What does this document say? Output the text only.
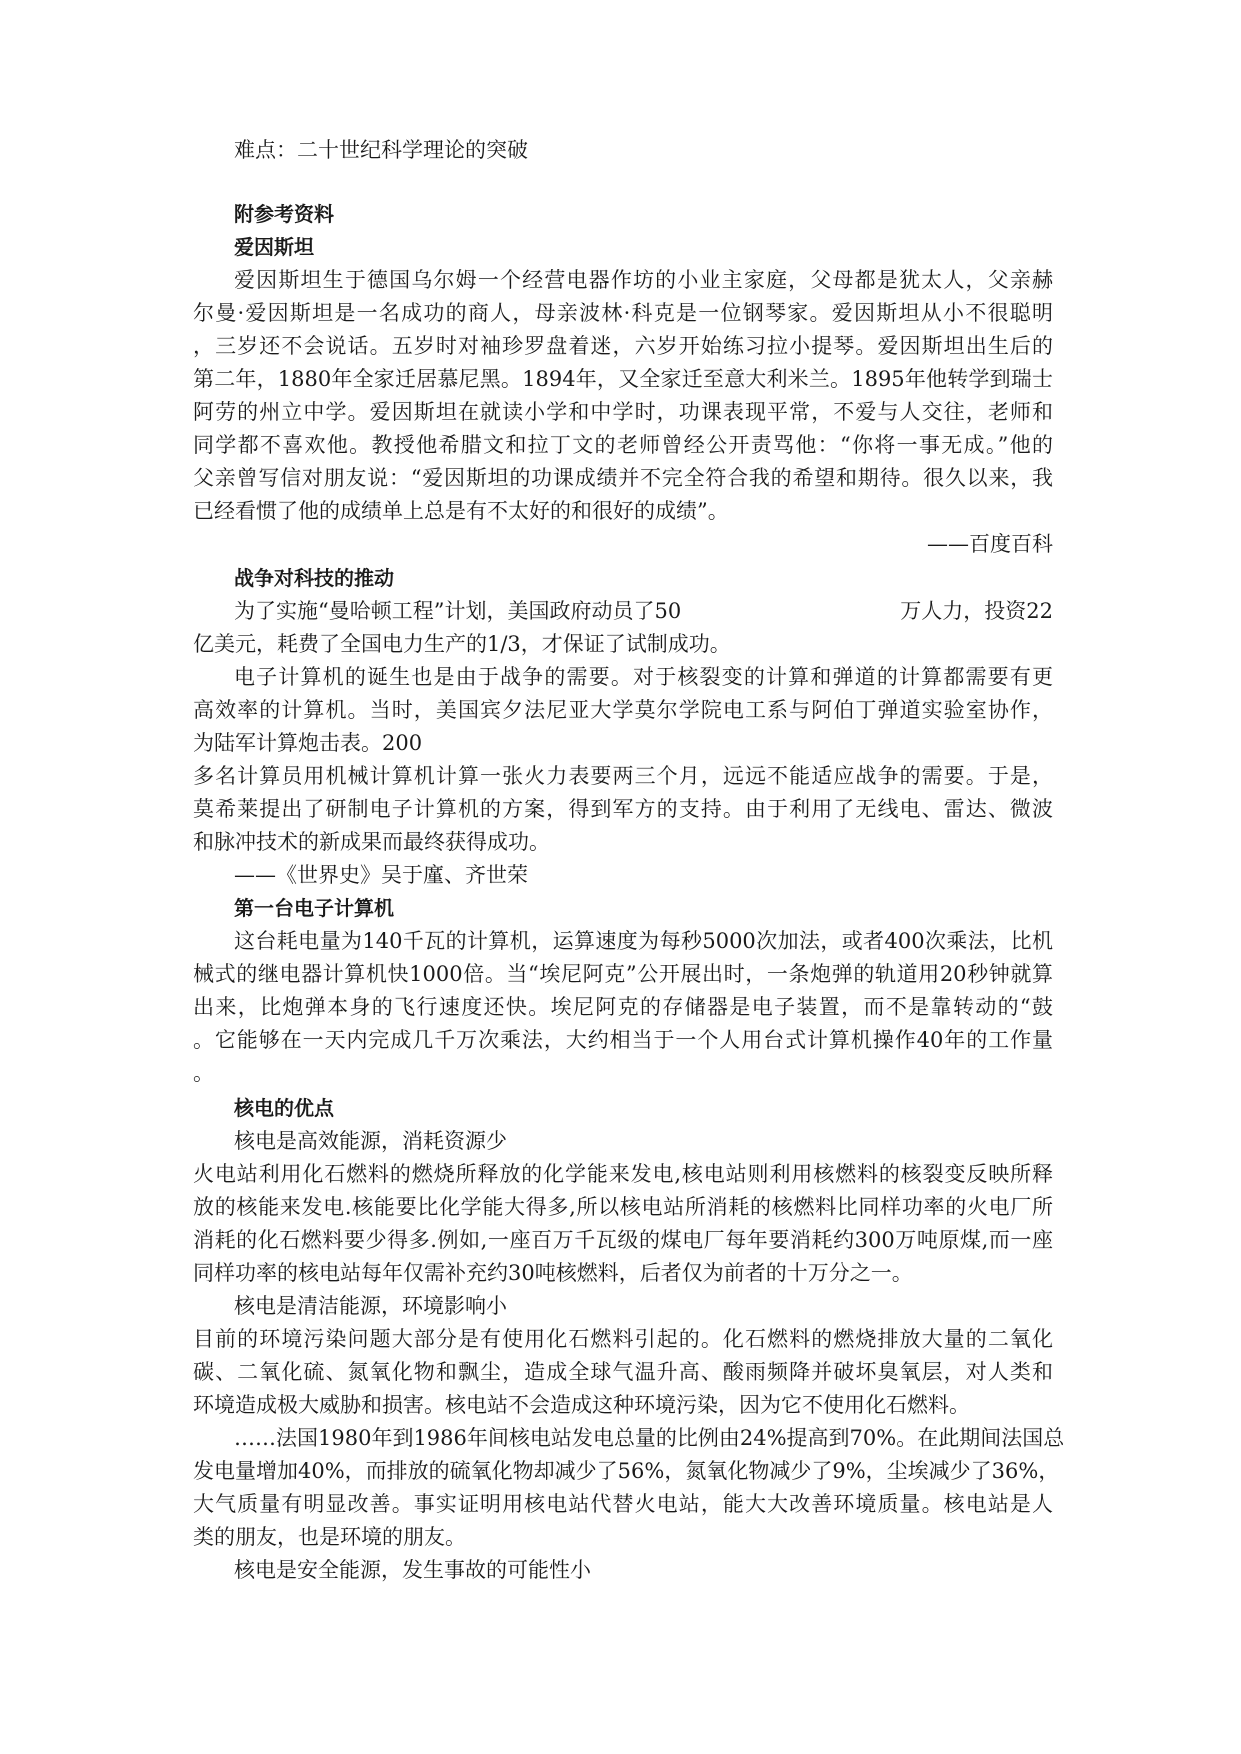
难点：二十世纪科学理论的突破
附参考资料
爱因斯坦
爱因斯坦生于德国乌尔姆一个经营电器作坊的小业主家庭，父母都是犹太人，父亲赫
尔曼·爱因斯坦是一名成功的商人，母亲波林·科克是一位钢琴家。爱因斯坦从小不很聪明
，三岁还不会说话。五岁时对袖珍罗盘着迷，六岁开始练习拉小提琴。爱因斯坦出生后的
第二年，1880年全家迁居慕尼黑。1894年，又全家迁至意大利米兰。1895年他转学到瑞士
阿劳的州立中学。爱因斯坦在就读小学和中学时，功课表现平常，不爱与人交往，老师和
同学都不喜欢他。教授他希腊文和拉丁文的老师曾经公开责骂他：“你将一事无成。”他的
父亲曾写信对朋友说：“爱因斯坦的功课成绩并不完全符合我的希望和期待。很久以来，我
已经看惯了他的成绩单上总是有不太好的和很好的成绩”。
——百度百科
战争对科技的推动
为了实施“曼哈顿工程”计划，美国政府动员了50	万人力，投资22
亿美元，耗费了全国电力生产的1/3，才保证了试制成功。
电子计算机的诞生也是由于战争的需要。对于核裂变的计算和弹道的计算都需要有更
高效率的计算机。当时，美国宾夕法尼亚大学莫尔学院电工系与阿伯丁弹道实验室协作，
为陆军计算炮击表。200
多名计算员用机械计算机计算一张火力表要两三个月，远远不能适应战争的需要。于是，
莫希莱提出了研制电子计算机的方案，得到军方的支持。由于利用了无线电、雷达、微波
和脉冲技术的新成果而最终获得成功。
——《世界史》吴于廑、齐世荣
第一台电子计算机
这台耗电量为140千瓦的计算机，运算速度为每秒5000次加法，或者400次乘法，比机
械式的继电器计算机快1000倍。当“埃尼阿克”公开展出时，一条炮弹的轨道用20秒钟就算
出来，比炮弹本身的飞行速度还快。埃尼阿克的存储器是电子装置，而不是靠转动的“鼓
。它能够在一天内完成几千万次乘法，大约相当于一个人用台式计算机操作40年的工作量
。
核电的优点
核电是高效能源，消耗资源少
火电站利用化石燃料的燃烧所释放的化学能来发电,核电站则利用核燃料的核裂变反映所释
放的核能来发电.核能要比化学能大得多,所以核电站所消耗的核燃料比同样功率的火电厂所
消耗的化石燃料要少得多.例如,一座百万千瓦级的煤电厂每年要消耗约300万吨原煤,而一座
同样功率的核电站每年仅需补充约30吨核燃料，后者仅为前者的十万分之一。
核电是清洁能源，环境影响小
目前的环境污染问题大部分是有使用化石燃料引起的。化石燃料的燃烧排放大量的二氧化
碳、二氧化硫、氮氧化物和飘尘，造成全球气温升高、酸雨频降并破坏臭氧层，对人类和
环境造成极大威胁和损害。核电站不会造成这种环境污染，因为它不使用化石燃料。
……法国1980年到1986年间核电站发电总量的比例由24%提高到70%。在此期间法国总
发电量增加40%，而排放的硫氧化物却减少了56%，氮氧化物减少了9%，尘埃减少了36%，
大气质量有明显改善。事实证明用核电站代替火电站，能大大改善环境质量。核电站是人
类的朋友，也是环境的朋友。
核电是安全能源，发生事故的可能性小
